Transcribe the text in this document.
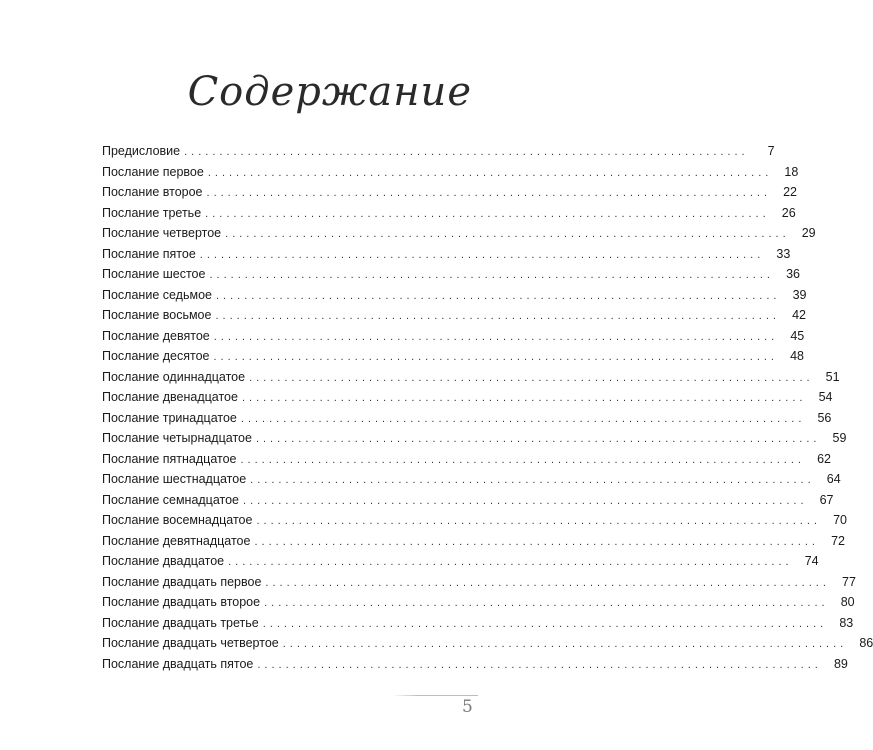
Содержание
Предисловие ................................................................................	7
Послание первое ................................................................................ 18
Послание второе ................................................................................ 22
Послание третье ................................................................................ 26
Послание четвертое ................................................................................ 29
Послание пятое ................................................................................ 33
Послание шестое ................................................................................ 36
Послание седьмое ................................................................................ 39
Послание восьмое ................................................................................ 42
Послание девятое ................................................................................ 45
Послание десятое ................................................................................ 48
Послание одиннадцатое ................................................................................ 51
Послание двенадцатое ................................................................................ 54
Послание тринадцатое ................................................................................ 56
Послание четырнадцатое ................................................................................ 59
Послание пятнадцатое ................................................................................ 62
Послание шестнадцатое ................................................................................ 64
Послание семнадцатое ................................................................................ 67
Послание восемнадцатое ................................................................................ 70
Послание девятнадцатое ................................................................................ 72
Послание двадцатое ................................................................................ 74
Послание двадцать первое ................................................................................ 77
Послание двадцать второе ................................................................................ 80
Послание двадцать третье ................................................................................ 83
Послание двадцать четвертое ................................................................................ 86
Послание двадцать пятое ................................................................................ 89

5
